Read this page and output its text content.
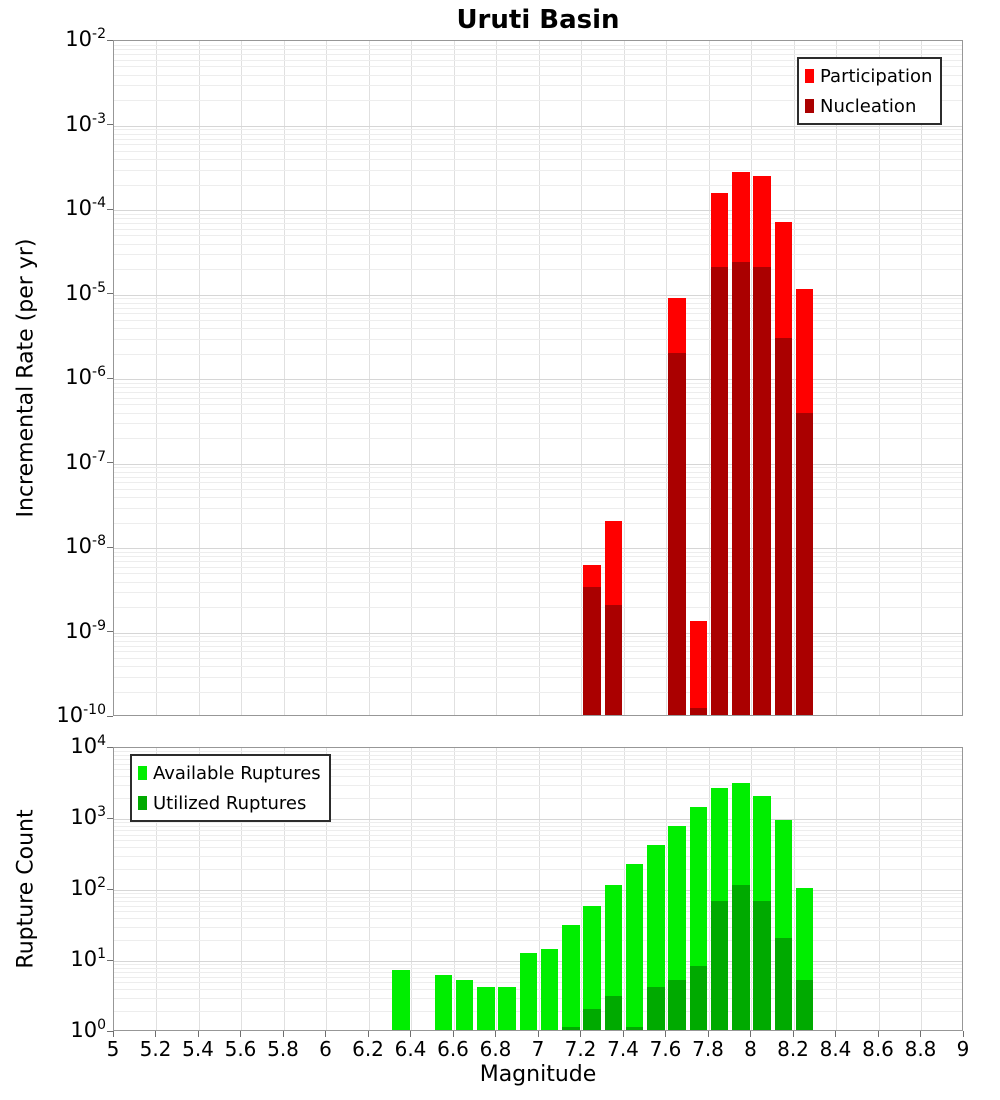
Uruti Basin
Incremental Rate (per yr)
Rupture Count
Participation
Nucleation
Available Ruptures
Utilized Ruptures
Magnitude
$10^{-2}$
$10^{-3}$
$10^{-4}$
$10^{-5}$
$10^{-6}$
$10^{-7}$
$10^{-8}$
$10^{-9}$
$10^{-10}$
$10^4$
$10^3$
$10^2$
$10^1$
$10^0$
5 5.2 5.4 5.6 5.8 6 6.2 6.4 6.6 6.8 7 7.2 7.4 7.6 7.8 8 8.2 8.4 8.6 8.8 9
